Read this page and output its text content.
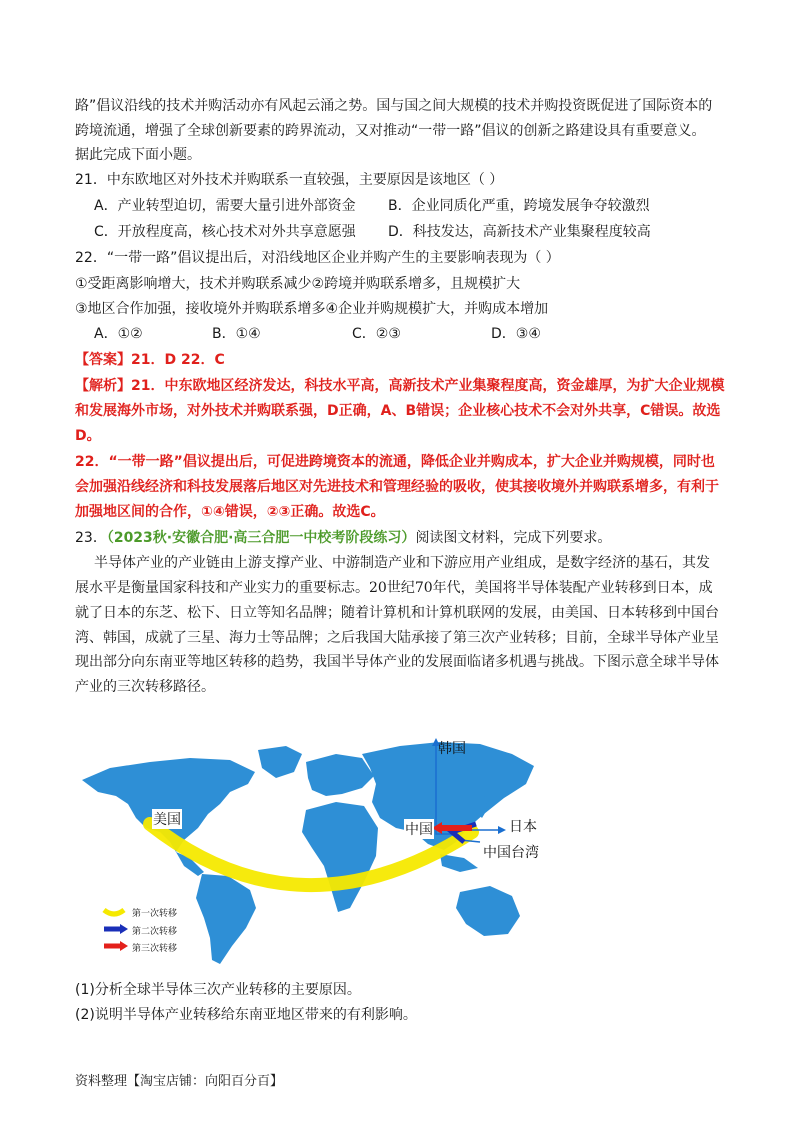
路”倡议沿线的技术并购活动亦有风起云涌之势。国与国之间大规模的技术并购投资既促进了国际资本的
跨境流通，增强了全球创新要素的跨界流动，又对推动“一带一路”倡议的创新之路建设具有重要意义。
据此完成下面小题。
21．中东欧地区对外技术并购联系一直较强，主要原因是该地区（ ）
A．产业转型迫切，需要大量引进外部资金 B．企业同质化严重，跨境发展争夺较激烈
C．开放程度高，核心技术对外共享意愿强 D．科技发达，高新技术产业集聚程度较高
22．“一带一路”倡议提出后，对沿线地区企业并购产生的主要影响表现为（ ）
①受距离影响增大，技术并购联系减少②跨境并购联系增多，且规模扩大
③地区合作加强，接收境外并购联系增多④企业并购规模扩大，并购成本增加
A．①②	B．①④	C．②③	D．③④
【答案】21．D 22．C
【解析】21．中东欧地区经济发达，科技水平高，高新技术产业集聚程度高，资金雄厚，为扩大企业规模
和发展海外市场，对外技术并购联系强，D正确，A、B错误；企业核心技术不会对外共享，C错误。故选
D。
22．“一带一路”倡议提出后，可促进跨境资本的流通，降低企业并购成本，扩大企业并购规模，同时也
会加强沿线经济和科技发展落后地区对先进技术和管理经验的吸收，使其接收境外并购联系增多，有利于
加强地区间的合作，①④错误，②③正确。故选C。
23．（2023秋·安徽合肥·高三合肥一中校考阶段练习）阅读图文材料，完成下列要求。
半导体产业的产业链由上游支撑产业、中游制造产业和下游应用产业组成，是数字经济的基石，其发
展水平是衡量国家科技和产业实力的重要标志。20世纪70年代，美国将半导体装配产业转移到日本，成
就了日本的东芝、松下、日立等知名品牌；随着计算机和计算机联网的发展，由美国、日本转移到中国台
湾、韩国，成就了三星、海力士等品牌；之后我国大陆承接了第三次产业转移；目前，全球半导体产业呈
现出部分向东南亚等地区转移的趋势，我国半导体产业的发展面临诸多机遇与挑战。下图示意全球半导体
产业的三次转移路径。
美国
韩国
中国	日本
中国台湾
第一次转移
第二次转移
第三次转移
(1)分析全球半导体三次产业转移的主要原因。
(2)说明半导体产业转移给东南亚地区带来的有利影响。
资料整理【淘宝店铺：向阳百分百】
